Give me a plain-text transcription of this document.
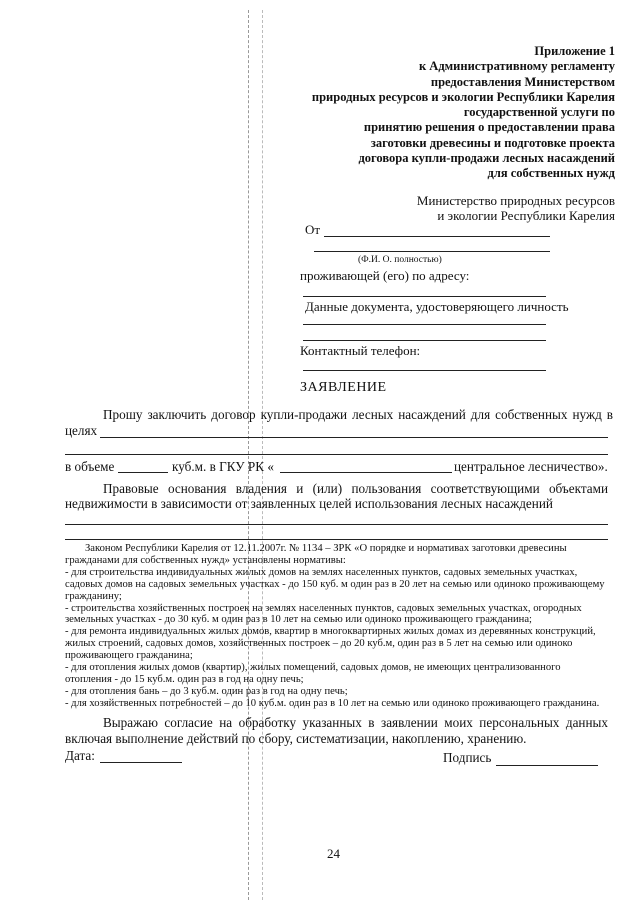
Приложение 1
к Административному регламенту
предоставления Министерством
природных ресурсов и экологии Республики Карелия
государственной услуги по
принятию решения о предоставлении права
заготовки древесины и подготовке проекта
договора купли-продажи лесных насаждений
для собственных нужд
Министерство природных ресурсов
и экологии Республики Карелия
От
(Ф.И. О. полностью)
проживающей (его) по адресу:
Данные документа, удостоверяющего личность
Контактный телефон:
ЗАЯВЛЕНИЕ
Прошу заключить договор купли-продажи лесных насаждений для собственных нужд в
целях
в объеме	куб.м. в ГКУ РК «	центральное лесничество».
Правовые основания владения и (или) пользования соответствующими объектами недвижимости в зависимости от заявленных целей использования лесных насаждений
Законом Республики Карелия от 12.11.2007г. № 1134 – ЗРК «О порядке и нормативах заготовки древесины
гражданами для собственных нужд» установлены нормативы:
- для строительства индивидуальных жилых домов на землях населенных пунктов, садовых земельных участках,
садовых домов на садовых земельных участках - до 150 куб. м один раз в 20 лет на семью или одиноко проживающему
гражданину;
- строительства хозяйственных построек на землях населенных пунктов, садовых земельных участках, огородных
земельных участках - до 30 куб. м один раз в 10 лет на семью или одиноко проживающего гражданина;
- для ремонта индивидуальных жилых домов, квартир в многоквартирных жилых домах из деревянных конструкций,
жилых строений, садовых домов, хозяйственных построек – до 20 куб.м, один раз в 5 лет на семью или одиноко
проживающего гражданина;
- для отопления жилых домов (квартир), жилых помещений, садовых домов, не имеющих централизованного
отопления - до 15 куб.м. один раз в год на одну печь;
- для отопления бань – до 3 куб.м. один раз в год на одну печь;
- для хозяйственных потребностей – до 10 куб.м. один раз в 10 лет на семью или одиноко проживающего гражданина.
Выражаю согласие на обработку указанных в заявлении моих персональных данных включая выполнение действий по сбору, систематизации, накоплению, хранению.
Дата:	Подпись
24
